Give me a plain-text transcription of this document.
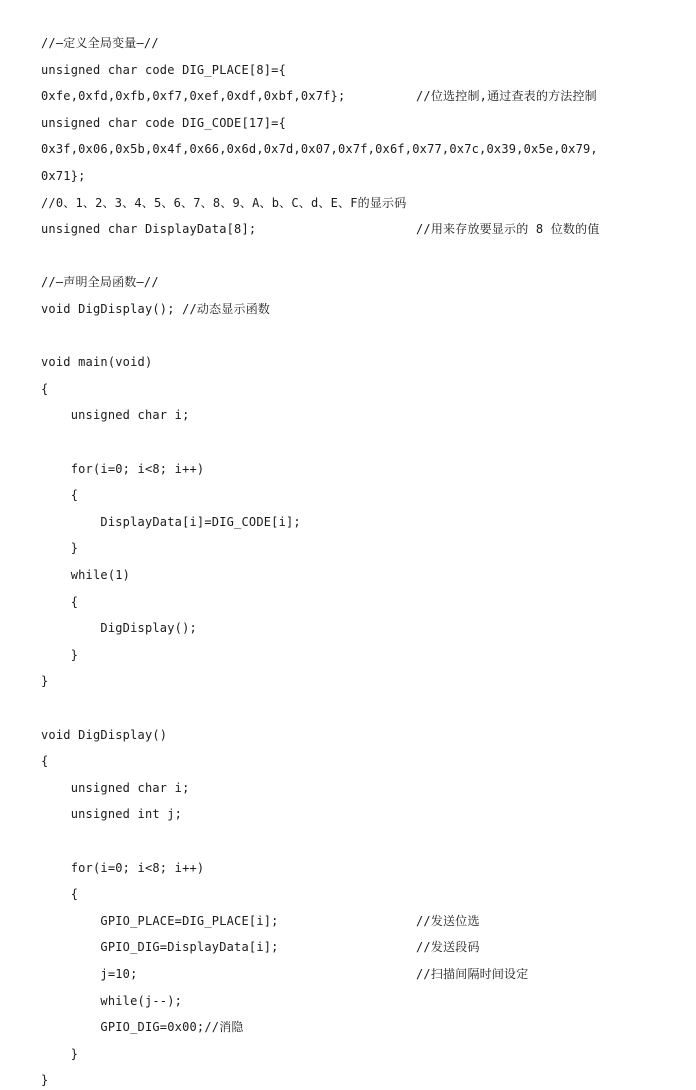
//—定义全局变量—//
unsigned char code DIG_PLACE[8]={
0xfe,0xfd,0xfb,0xf7,0xef,0xdf,0xbf,0x7f};	//位选控制,通过查表的方法控制
unsigned char code DIG_CODE[17]={
0x3f,0x06,0x5b,0x4f,0x66,0x6d,0x7d,0x07,0x7f,0x6f,0x77,0x7c,0x39,0x5e,0x79,
0x71};
//0、1、2、3、4、5、6、7、8、9、A、b、C、d、E、F的显示码
unsigned char DisplayData[8];	//用来存放要显示的 8 位数的值
//—声明全局函数—//
void DigDisplay(); //动态显示函数
void main(void)
{
unsigned char i;
for(i=0; i<8; i++)
{
DisplayData[i]=DIG_CODE[i];
}
while(1)
{
DigDisplay();
}
}
void DigDisplay()
{
unsigned char i;
unsigned int j;
for(i=0; i<8; i++)
{
GPIO_PLACE=DIG_PLACE[i];	//发送位选
GPIO_DIG=DisplayData[i];	//发送段码
j=10;	//扫描间隔时间设定
while(j--);
GPIO_DIG=0x00;//消隐
}
}
